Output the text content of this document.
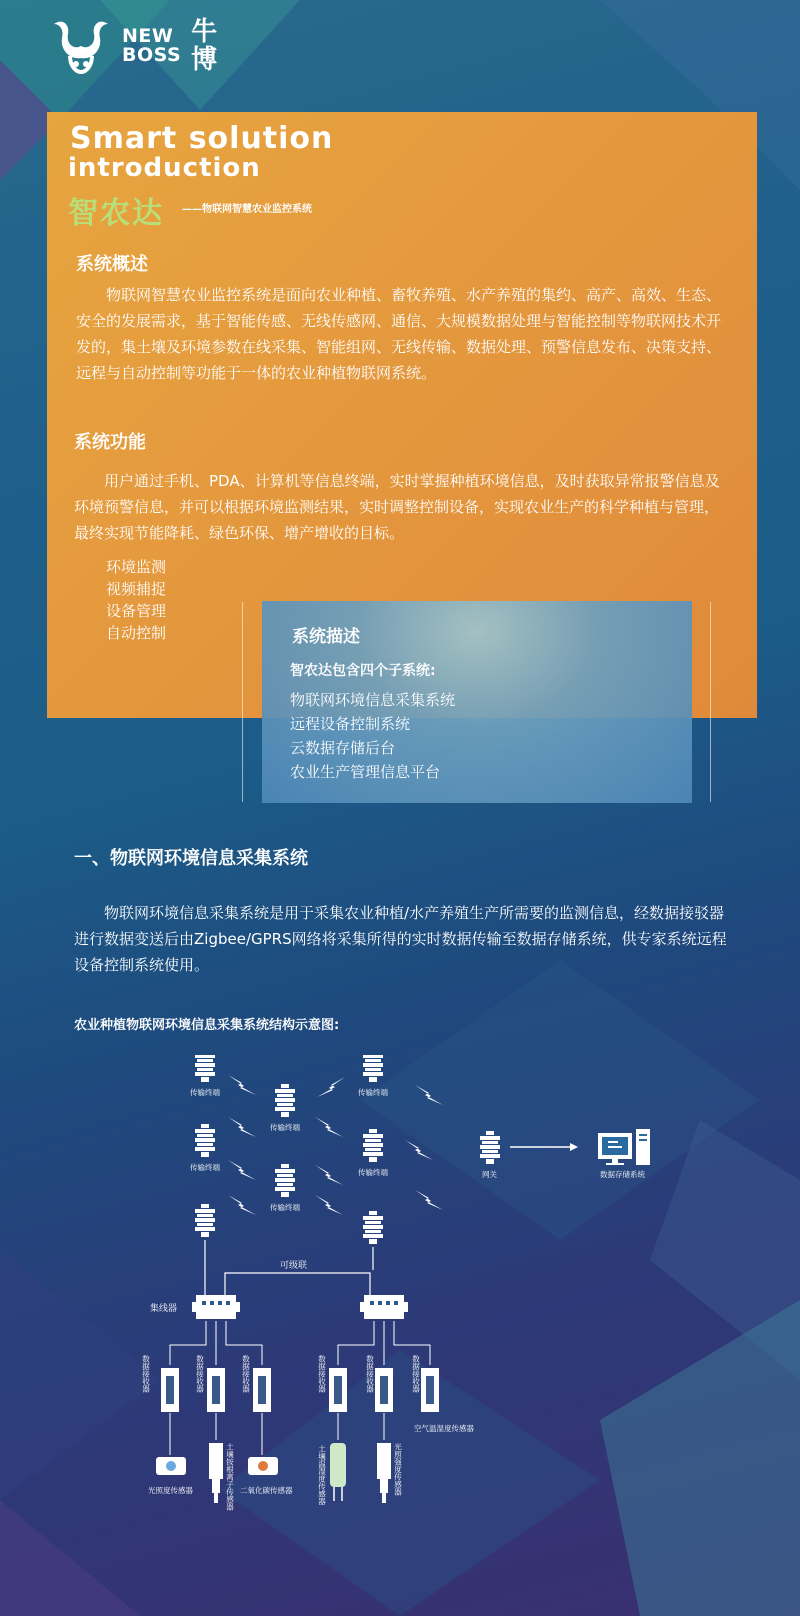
NEW
BOSS
牛博
Smart solution
introduction
智农达 ——物联网智慧农业监控系统
系统概述
物联网智慧农业监控系统是面向农业种植、畜牧养殖、水产养殖的集约、高产、高效、生态、安全的发展需求，基于智能传感、无线传感网、通信、大规模数据处理与智能控制等物联网技术开发的，集土壤及环境参数在线采集、智能组网、无线传输、数据处理、预警信息发布、决策支持、远程与自动控制等功能于一体的农业种植物联网系统。
系统功能
用户通过手机、PDA、计算机等信息终端，实时掌握种植环境信息，及时获取异常报警信息及环境预警信息，并可以根据环境监测结果，实时调整控制设备，实现农业生产的科学种植与管理，最终实现节能降耗、绿色环保、增产增收的目标。
环境监测
视频捕捉
设备管理
自动控制	系统描述
智农达包含四个子系统:
物联网环境信息采集系统
远程设备控制系统
云数据存储后台
农业生产管理信息平台
一、物联网环境信息采集系统
物联网环境信息采集系统是用于采集农业种植/水产养殖生产所需要的监测信息，经数据接驳器进行数据变送后由Zigbee/GPRS网络将采集所得的实时数据传输至数据存储系统，供专家系统远程设备控制系统使用。
农业种植物联网环境信息采集系统结构示意图:
传输终端
传输终端
传输终端
传输终端
传输终端
传输终端	网关	数据存储系统
可级联
集线器
数据接收器	数据接收器	数据接收器	数据接收器	数据接收器	数据接收器
光照度传感器	土壤铵根离子传感器 二氧化碳传感器	土壤温湿度传感器	光照强度传感器
空气温湿度传感器
